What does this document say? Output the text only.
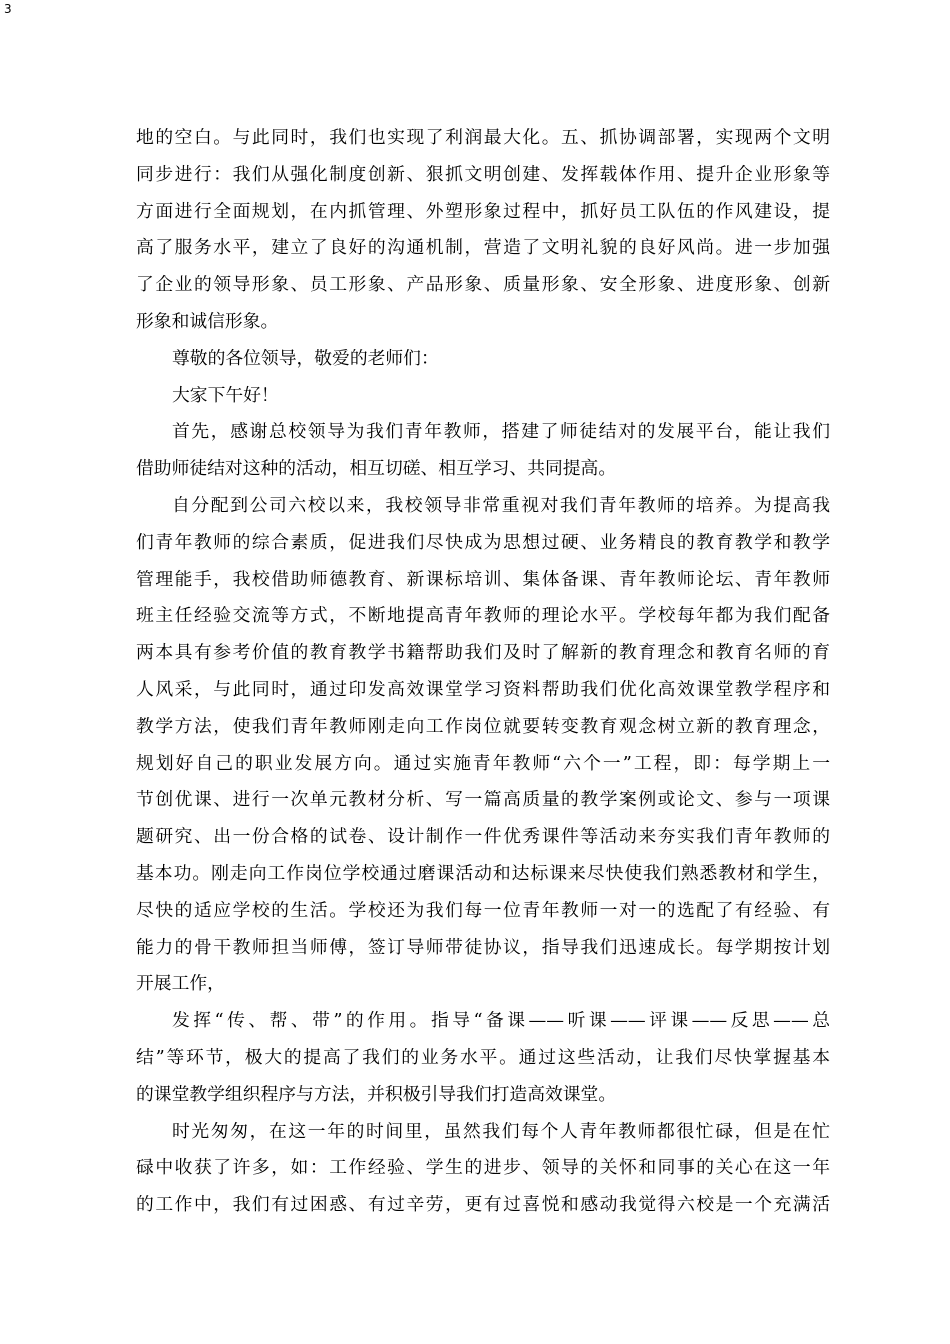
3
地的空白。与此同时，我们也实现了利润最大化。五、抓协调部署，实现两个文明
同步进行：我们从强化制度创新、狠抓文明创建、发挥载体作用、提升企业形象等
方面进行全面规划，在内抓管理、外塑形象过程中，抓好员工队伍的作风建设，提
高了服务水平，建立了良好的沟通机制，营造了文明礼貌的良好风尚。进一步加强
了企业的领导形象、员工形象、产品形象、质量形象、安全形象、进度形象、创新
形象和诚信形象。
尊敬的各位领导，敬爱的老师们：
大家下午好！
首先，感谢总校领导为我们青年教师，搭建了师徒结对的发展平台，能让我们
借助师徒结对这种的活动，相互切磋、相互学习、共同提高。
自分配到公司六校以来，我校领导非常重视对我们青年教师的培养。为提高我
们青年教师的综合素质，促进我们尽快成为思想过硬、业务精良的教育教学和教学
管理能手，我校借助师德教育、新课标培训、集体备课、青年教师论坛、青年教师
班主任经验交流等方式，不断地提高青年教师的理论水平。学校每年都为我们配备
两本具有参考价值的教育教学书籍帮助我们及时了解新的教育理念和教育名师的育
人风采，与此同时，通过印发高效课堂学习资料帮助我们优化高效课堂教学程序和
教学方法，使我们青年教师刚走向工作岗位就要转变教育观念树立新的教育理念，
规划好自己的职业发展方向。通过实施青年教师“六个一”工程，即：每学期上一
节创优课、进行一次单元教材分析、写一篇高质量的教学案例或论文、参与一项课
题研究、出一份合格的试卷、设计制作一件优秀课件等活动来夯实我们青年教师的
基本功。刚走向工作岗位学校通过磨课活动和达标课来尽快使我们熟悉教材和学生，
尽快的适应学校的生活。学校还为我们每一位青年教师一对一的选配了有经验、有
能力的骨干教师担当师傅，签订导师带徒协议，指导我们迅速成长。每学期按计划
开展工作，
发挥“传、帮、带”的作用。指导“备课——听课——评课——反思——总
结”等环节，极大的提高了我们的业务水平。通过这些活动，让我们尽快掌握基本
的课堂教学组织程序与方法，并积极引导我们打造高效课堂。
时光匆匆，在这一年的时间里，虽然我们每个人青年教师都很忙碌，但是在忙
碌中收获了许多，如：工作经验、学生的进步、领导的关怀和同事的关心在这一年
的工作中，我们有过困惑、有过辛劳，更有过喜悦和感动我觉得六校是一个充满活
